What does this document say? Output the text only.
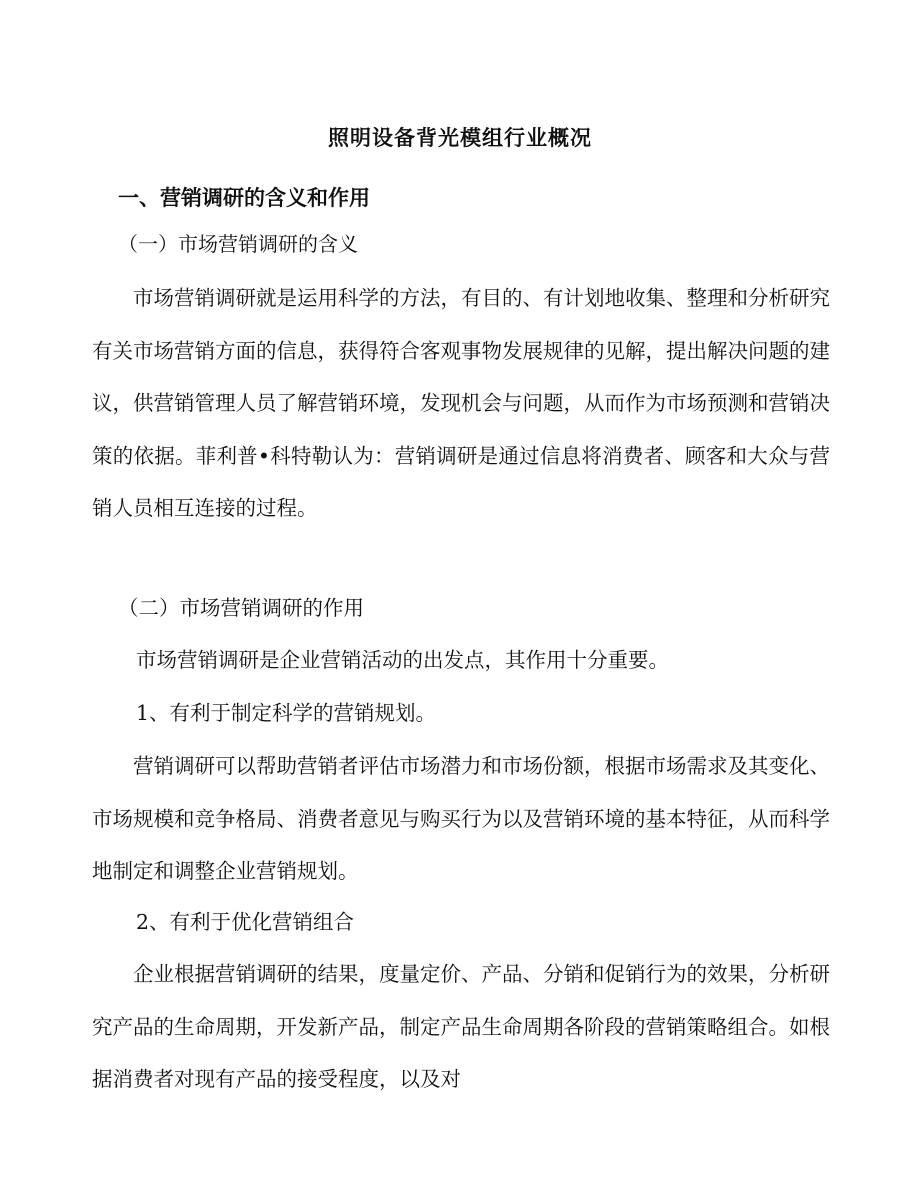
照明设备背光模组行业概况
一、营销调研的含义和作用
（一）市场营销调研的含义

市场营销调研就是运用科学的方法，有目的、有计划地收集、整理和分析研究有关市场营销方面的信息，获得符合客观事物发展规律的见解，提出解决问题的建议，供营销管理人员了解营销环境，发现机会与问题，从而作为市场预测和营销决策的依据。菲利普•科特勒认为：营销调研是通过信息将消费者、顾客和大众与营销人员相互连接的过程。

（二）市场营销调研的作用
市场营销调研是企业营销活动的出发点，其作用十分重要。
1、有利于制定科学的营销规划。

营销调研可以帮助营销者评估市场潜力和市场份额，根据市场需求及其变化、市场规模和竞争格局、消费者意见与购买行为以及营销环境的基本特征，从而科学地制定和调整企业营销规划。

2、有利于优化营销组合

企业根据营销调研的结果，度量定价、产品、分销和促销行为的效果，分析研究产品的生命周期，开发新产品，制定产品生命周期各阶段的营销策略组合。如根据消费者对现有产品的接受程度，以及对
